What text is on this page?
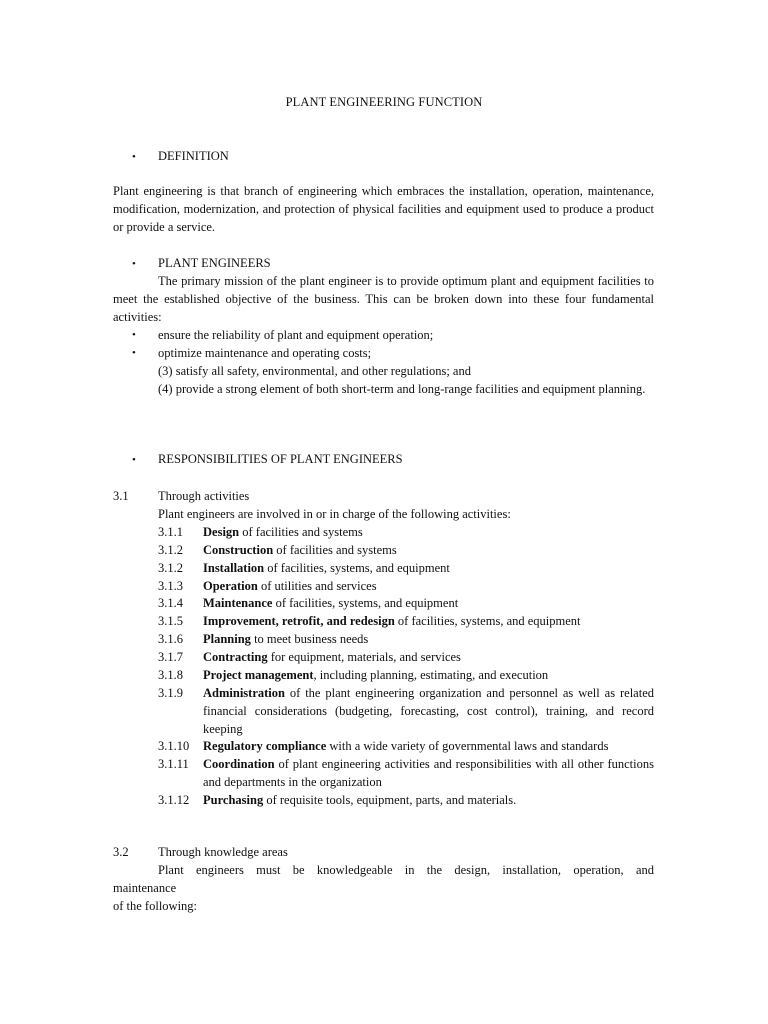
PLANT ENGINEERING FUNCTION
• DEFINITION

Plant engineering is that branch of engineering which embraces the installation, operation, maintenance, modification, modernization, and protection of physical facilities and equipment used to produce a product or provide a service.

• PLANT ENGINEERS

The primary mission of the plant engineer is to provide optimum plant and equipment facilities to meet the established objective of the business. This can be broken down into these four fundamental activities:

• ensure the reliability of plant and equipment operation;
• optimize maintenance and operating costs;
(3) satisfy all safety, environmental, and other regulations; and
(4) provide a strong element of both short-term and long-range facilities and equipment planning.
• RESPONSIBILITIES OF PLANT ENGINEERS
3.1 Through activities
Plant engineers are involved in or in charge of the following activities:
3.1.1 Design of facilities and systems
3.1.2 Construction of facilities and systems
3.1.2 Installation of facilities, systems, and equipment
3.1.3 Operation of utilities and services
3.1.4 Maintenance of facilities, systems, and equipment
3.1.5 Improvement, retrofit, and redesign of facilities, systems, and equipment
3.1.6 Planning to meet business needs
3.1.7 Contracting for equipment, materials, and services
3.1.8 Project management, including planning, estimating, and execution
3.1.9 Administration of the plant engineering organization and personnel as well as related financial considerations (budgeting, forecasting, cost control), training, and record keeping
3.1.10 Regulatory compliance with a wide variety of governmental laws and standards
3.1.11 Coordination of plant engineering activities and responsibilities with all other functions and departments in the organization
3.1.12 Purchasing of requisite tools, equipment, parts, and materials.
3.2 Through knowledge areas
Plant engineers must be knowledgeable in the design, installation, operation, and
maintenance
of the following:
